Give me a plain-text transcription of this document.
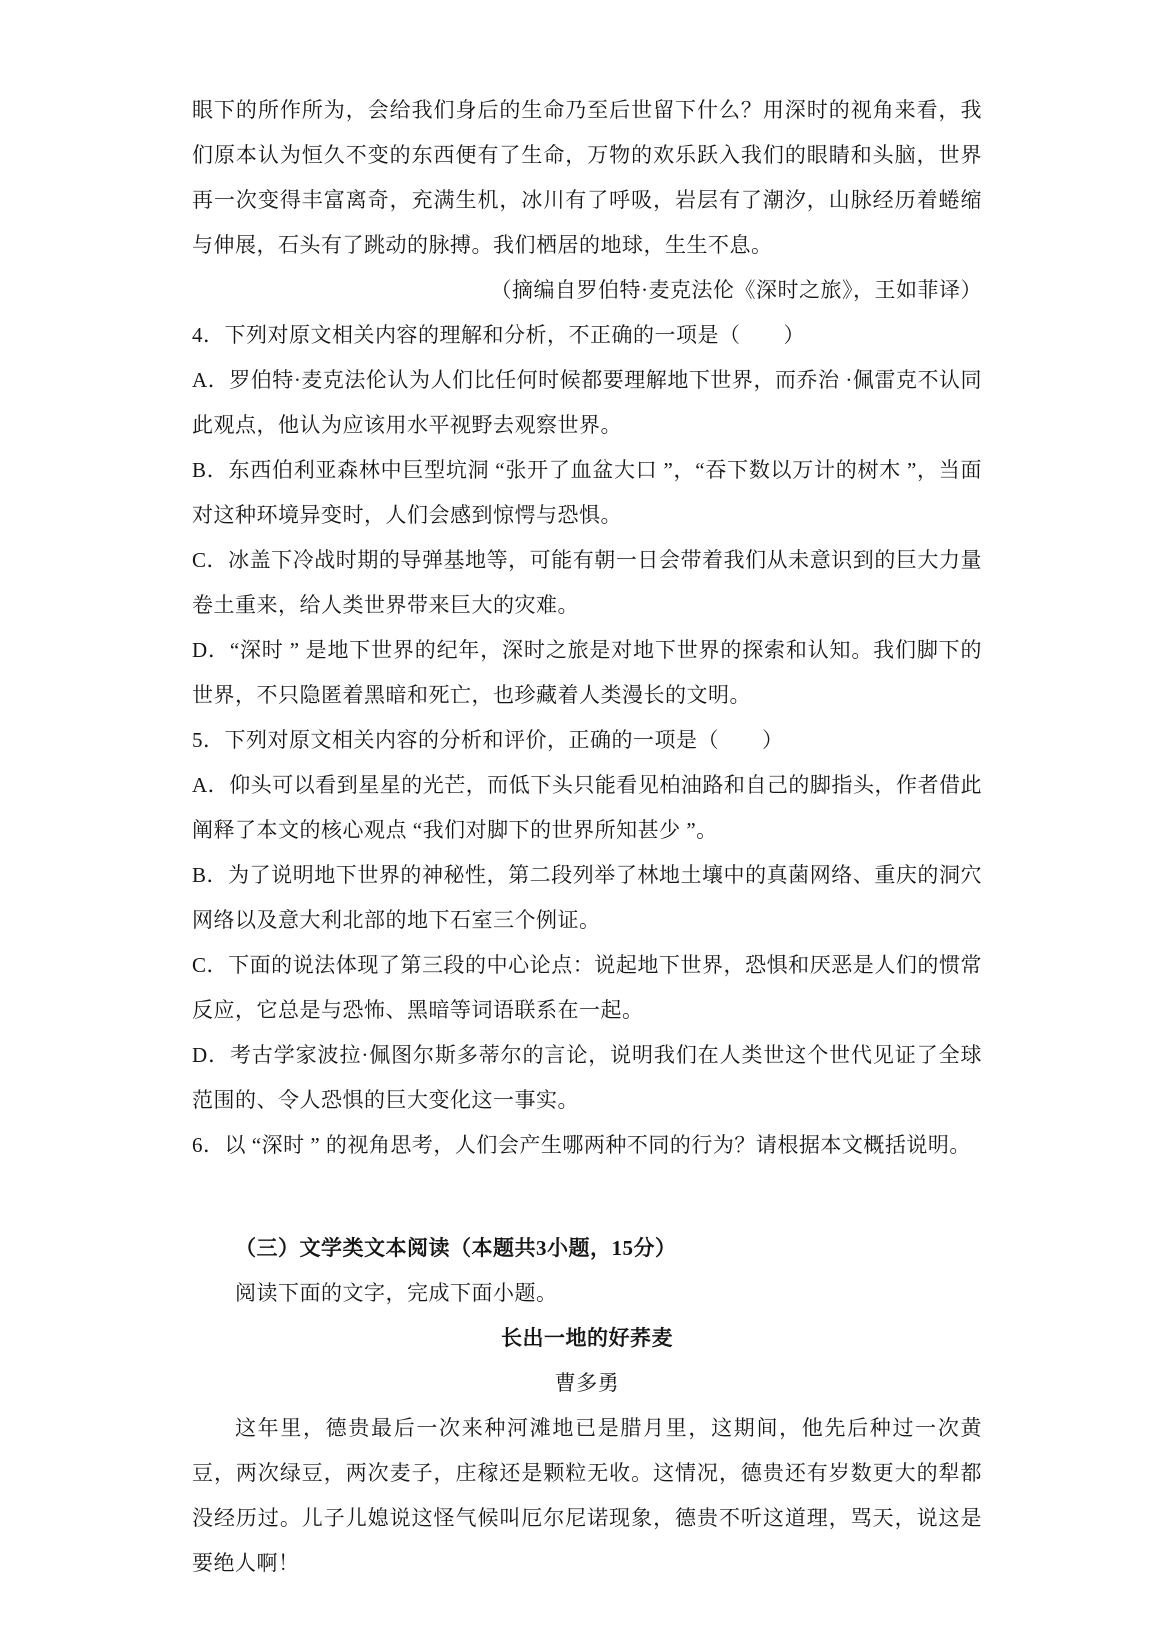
眼下的所作所为，会给我们身后的生命乃至后世留下什么？用深时的视角来看，我们原本认为恒久不变的东西便有了生命，万物的欢乐跃入我们的眼睛和头脑，世界再一次变得丰富离奇，充满生机，冰川有了呼吸，岩层有了潮汐，山脉经历着蜷缩与伸展，石头有了跳动的脉搏。我们栖居的地球，生生不息。

（摘编自罗伯特·麦克法伦《深时之旅》，王如菲译）

4．下列对原文相关内容的理解和分析，不正确的一项是（　　）

A．罗伯特·麦克法伦认为人们比任何时候都要理解地下世界，而乔治 ·佩雷克不认同此观点，他认为应该用水平视野去观察世界。

B．东西伯利亚森林中巨型坑洞 “张开了血盆大口 ”，“吞下数以万计的树木 ”，当面对这种环境异变时，人们会感到惊愕与恐惧。

C．冰盖下冷战时期的导弹基地等，可能有朝一日会带着我们从未意识到的巨大力量卷土重来，给人类世界带来巨大的灾难。

D．“深时 ” 是地下世界的纪年，深时之旅是对地下世界的探索和认知。我们脚下的世界，不只隐匿着黑暗和死亡，也珍藏着人类漫长的文明。

5．下列对原文相关内容的分析和评价，正确的一项是（　　）

A．仰头可以看到星星的光芒，而低下头只能看见柏油路和自己的脚指头，作者借此阐释了本文的核心观点 “我们对脚下的世界所知甚少 ”。

B．为了说明地下世界的神秘性，第二段列举了林地土壤中的真菌网络、重庆的洞穴网络以及意大利北部的地下石室三个例证。

C．下面的说法体现了第三段的中心论点：说起地下世界，恐惧和厌恶是人们的惯常反应，它总是与恐怖、黑暗等词语联系在一起。

D．考古学家波拉·佩图尔斯多蒂尔的言论，说明我们在人类世这个世代见证了全球范围的、令人恐惧的巨大变化这一事实。

6．以 “深时 ” 的视角思考，人们会产生哪两种不同的行为？请根据本文概括说明。

（三）文学类文本阅读（本题共3小题，15分）

阅读下面的文字，完成下面小题。

长出一地的好荞麦

曹多勇

这年里，德贵最后一次来种河滩地已是腊月里，这期间，他先后种过一次黄豆，两次绿豆，两次麦子，庄稼还是颗粒无收。这情况，德贵还有岁数更大的犁都没经历过。儿子儿媳说这怪气候叫厄尔尼诺现象，德贵不听这道理，骂天，说这是要绝人啊！
